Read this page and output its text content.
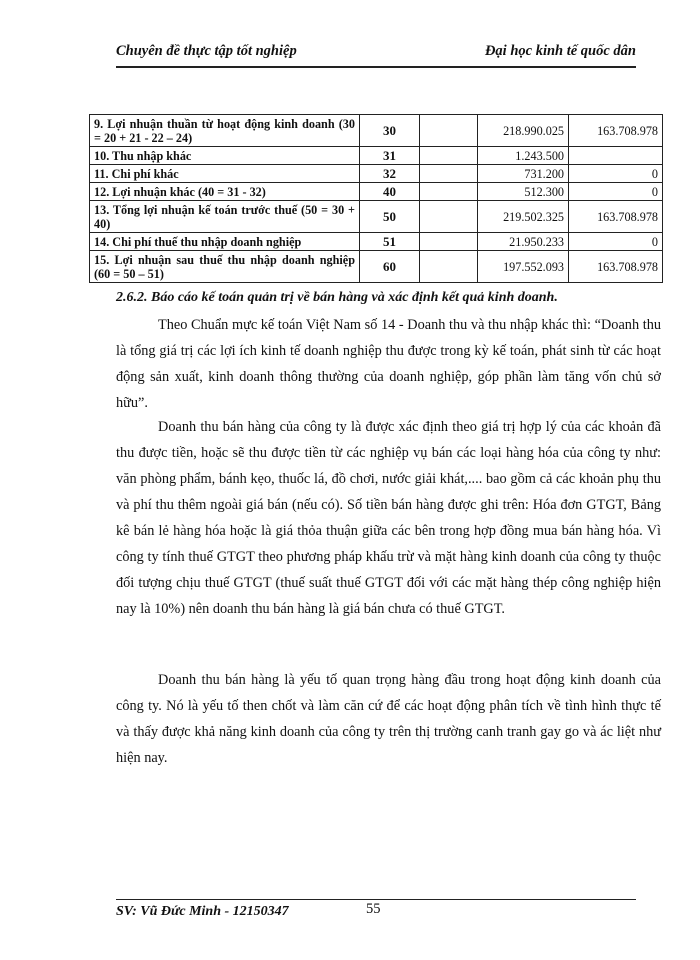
Chuyên đề thực tập tốt nghiệp	Đại học kinh tế quốc dân
9. Lợi nhuận thuần từ hoạt động kinh doanh (30 = 20 + 21 - 22 – 24)	30		218.990.025	163.708.978
10. Thu nhập khác	31		1.243.500	
11. Chi phí khác	32		731.200	0
12. Lợi nhuận khác (40 = 31 - 32)	40		512.300	0
13. Tổng lợi nhuận kế toán trước thuế (50 = 30 + 40)	50		219.502.325	163.708.978
14. Chi phí thuế thu nhập doanh nghiệp	51		21.950.233	0
15. Lợi nhuận sau thuế thu nhập doanh nghiệp (60 = 50 – 51)	60		197.552.093	163.708.978
2.6.2. Báo cáo kế toán quản trị về bán hàng và xác định kết quả kinh doanh.

Theo Chuẩn mực kế toán Việt Nam số 14 - Doanh thu và thu nhập khác thì: “Doanh thu là tổng giá trị các lợi ích kinh tế doanh nghiệp thu được trong kỳ kế toán, phát sinh từ các hoạt động sản xuất, kinh doanh thông thường của doanh nghiệp, góp phần làm tăng vốn chủ sở hữu”.

Doanh thu bán hàng của công ty là được xác định theo giá trị hợp lý của các khoản đã thu được tiền, hoặc sẽ thu được tiền từ các nghiệp vụ bán các loại hàng hóa của công ty như: văn phòng phẩm, bánh kẹo, thuốc lá, đồ chơi, nước giải khát,.... bao gồm cả các khoản phụ thu và phí thu thêm ngoài giá bán (nếu có). Số tiền bán hàng được ghi trên: Hóa đơn GTGT, Bảng kê bán lẻ hàng hóa hoặc là giá thỏa thuận giữa các bên trong hợp đồng mua bán hàng hóa. Vì công ty tính thuế GTGT theo phương pháp khấu trừ và mặt hàng kinh doanh của công ty thuộc đối tượng chịu thuế GTGT (thuế suất thuế GTGT đối với các mặt hàng thép công nghiệp hiện nay là 10%) nên doanh thu bán hàng là giá bán chưa có thuế GTGT.

Doanh thu bán hàng là yếu tố quan trọng hàng đầu trong hoạt động kinh doanh của công ty. Nó là yếu tố then chốt và làm căn cứ để các hoạt động phân tích về tình hình thực tế và thấy được khả năng kinh doanh của công ty trên thị trường canh tranh gay go và ác liệt như hiện nay.

SV: Vũ Đức Minh - 12150347	55
